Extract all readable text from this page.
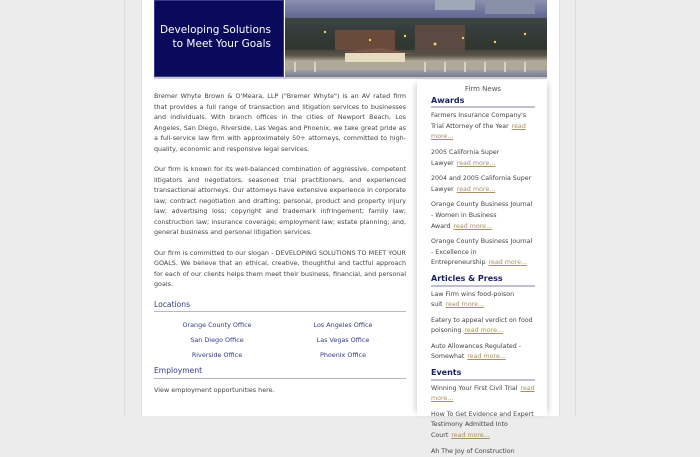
Developing Solutions
to Meet Your Goals

Bremer Whyte Brown & O'Meara, LLP ("Bremer Whyte") is an AV rated firm that provides a full range of transaction and litigation services to businesses and individuals. With branch offices in the cities of Newport Beach, Los Angeles, San Diego, Riverside, Las Vegas and Phoenix, we take great pride as a full-service law firm with approximately 50+ attorneys, committed to high-quality, economic and responsive legal services.

Our firm is known for its well-balanced combination of aggressive, competent litigators and negotiators, seasoned trial practitioners, and experienced transactional attorneys. Our attorneys have extensive experience in corporate law; contract negotiation and drafting; personal, product and property injury law; advertising loss; copyright and trademark infringement; family law; construction law; insurance coverage; employment law; estate planning; and, general business and personal litigation services.

Our firm is committed to our slogan - DEVELOPING SOLUTIONS TO MEET YOUR GOALS. We believe that an ethical, creative, thoughtful and tactful approach for each of our clients helps them meet their business, financial, and personal goals.

Locations
Orange County Office	Los Angeles Office
San Diego Office	Las Vegas Office
Riverside Office	Phoenix Office
Employment
View employment opportunities here.
Firm News
Awards
Farmers Insurance Company's Trial Attorney of the Year read more...
2005 California Super Lawyer read more...
2004 and 2005 California Super Lawyer read more...
Orange County Business Journal - Women in Business Award read more...
Orange County Business Journal - Excellence in Entrepreneurship read more...
Articles & Press
Law Firm wins food-poison suit read more...
Eatery to appeal verdict on food poisoning read more...
Auto Allowances Regulated - Somewhat read more...
Events
Winning Your First Civil Trial read more...
How To Get Evidence and Expert Testimony Admitted Into Court read more...
Ah The Joy of Construction
